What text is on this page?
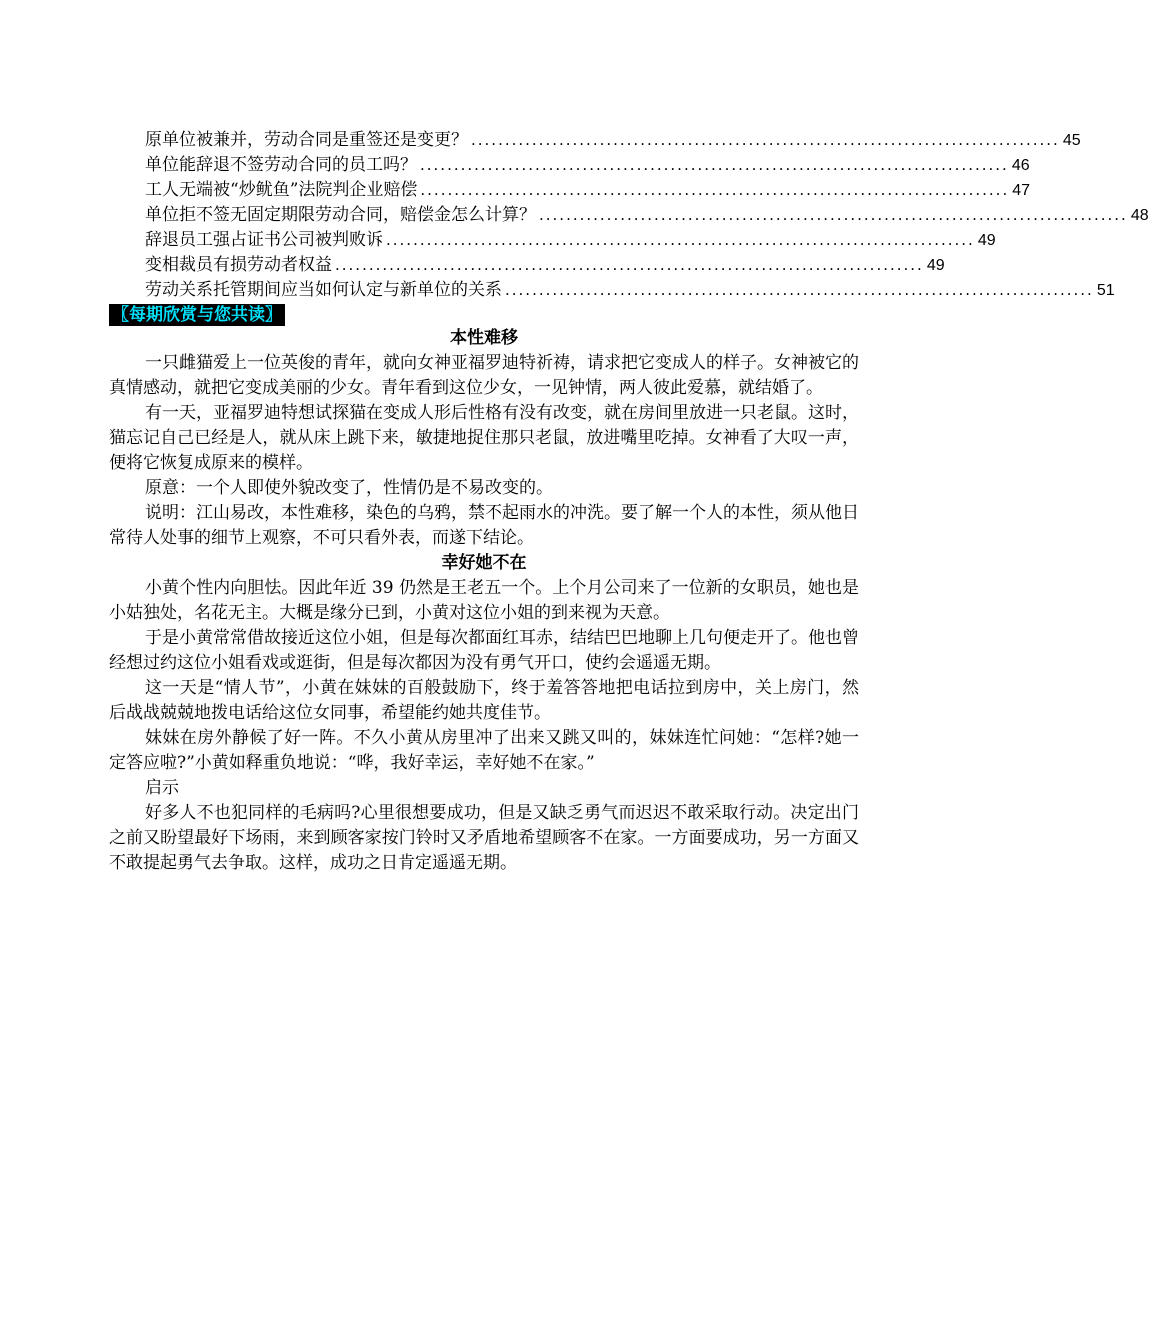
原单位被兼并，劳动合同是重签还是变更？ ....................................................................................... 45
单位能辞退不签劳动合同的员工吗？ ....................................................................................... 46
工人无端被“炒鱿鱼”法院判企业赔偿 ....................................................................................... 47
单位拒不签无固定期限劳动合同，赔偿金怎么计算？ ....................................................................................... 48
辞退员工强占证书公司被判败诉 ....................................................................................... 49
变相裁员有损劳动者权益 ....................................................................................... 49
劳动关系托管期间应当如何认定与新单位的关系 ....................................................................................... 51
〖每期欣赏与您共读〗
本性难移

一只雌猫爱上一位英俊的青年，就向女神亚福罗迪特祈祷，请求把它变成人的样子。女神被它的真情感动，就把它变成美丽的少女。青年看到这位少女，一见钟情，两人彼此爱慕，就结婚了。

有一天，亚福罗迪特想试探猫在变成人形后性格有没有改变，就在房间里放进一只老鼠。这时，猫忘记自己已经是人，就从床上跳下来，敏捷地捉住那只老鼠，放进嘴里吃掉。女神看了大叹一声，便将它恢复成原来的模样。

原意：一个人即使外貌改变了，性情仍是不易改变的。

说明：江山易改，本性难移，染色的乌鸦，禁不起雨水的冲洗。要了解一个人的本性，须从他日常待人处事的细节上观察，不可只看外表，而遂下结论。

幸好她不在

小黄个性内向胆怯。因此年近 39 仍然是王老五一个。上个月公司来了一位新的女职员，她也是小姑独处，名花无主。大概是缘分已到，小黄对这位小姐的到来视为天意。

于是小黄常常借故接近这位小姐，但是每次都面红耳赤，结结巴巴地聊上几句便走开了。他也曾经想过约这位小姐看戏或逛街，但是每次都因为没有勇气开口，使约会遥遥无期。

这一天是“情人节”，小黄在妹妹的百般鼓励下，终于羞答答地把电话拉到房中，关上房门，然后战战兢兢地拨电话给这位女同事，希望能约她共度佳节。

妹妹在房外静候了好一阵。不久小黄从房里冲了出来又跳又叫的，妹妹连忙问她：“怎样?她一定答应啦?”小黄如释重负地说：“哗，我好幸运，幸好她不在家。”

启示

好多人不也犯同样的毛病吗?心里很想要成功，但是又缺乏勇气而迟迟不敢采取行动。决定出门之前又盼望最好下场雨，来到顾客家按门铃时又矛盾地希望顾客不在家。一方面要成功，另一方面又不敢提起勇气去争取。这样，成功之日肯定遥遥无期。
